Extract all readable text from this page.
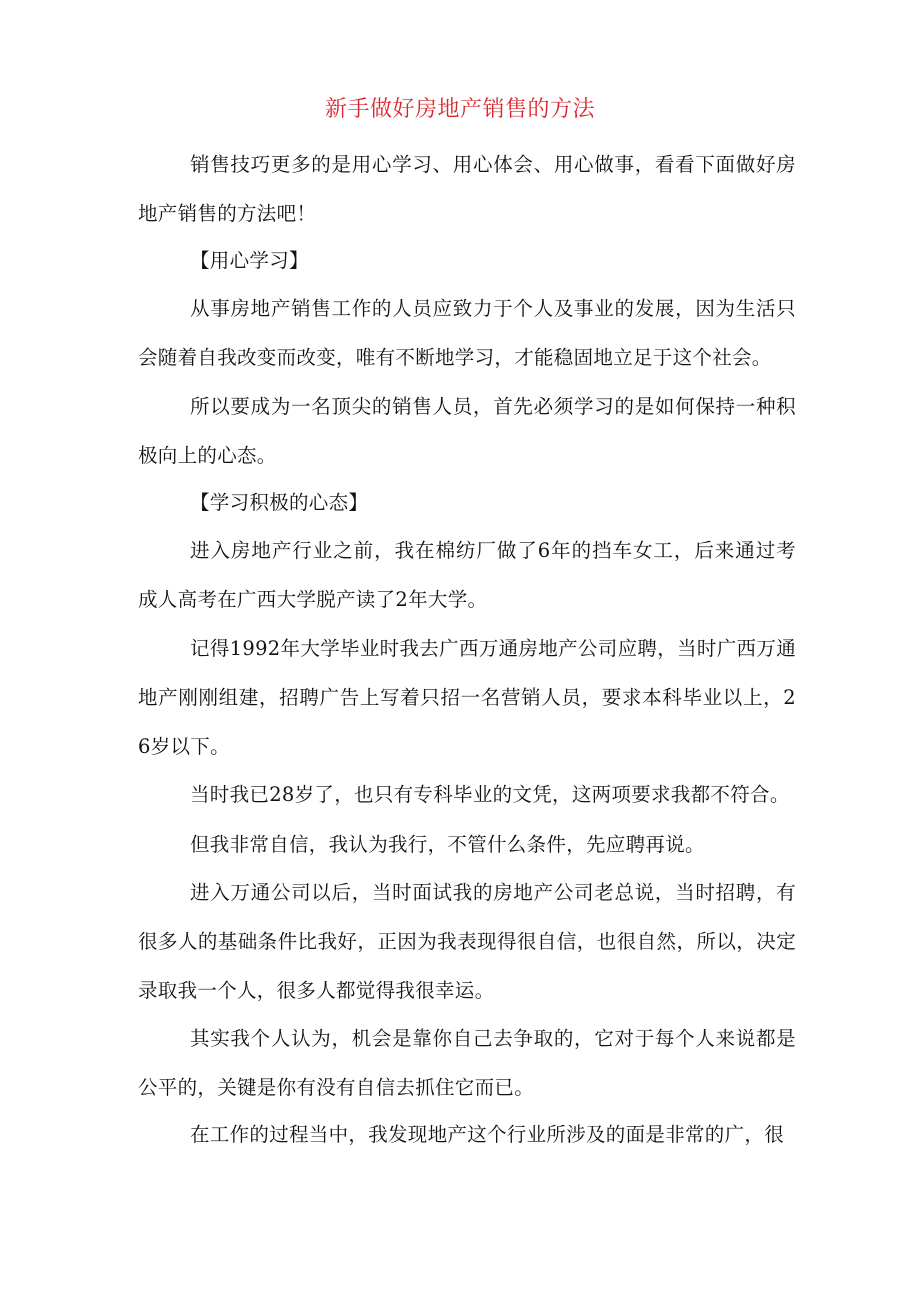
新手做好房地产销售的方法

销售技巧更多的是用心学习、用心体会、用心做事，看看下面做好房地产销售的方法吧！

【用心学习】

从事房地产销售工作的人员应致力于个人及事业的发展，因为生活只会随着自我改变而改变，唯有不断地学习，才能稳固地立足于这个社会。

所以要成为一名顶尖的销售人员，首先必须学习的是如何保持一种积极向上的心态。

【学习积极的心态】

进入房地产行业之前，我在棉纺厂做了6年的挡车女工，后来通过考成人高考在广西大学脱产读了2年大学。

记得1992年大学毕业时我去广西万通房地产公司应聘，当时广西万通地产刚刚组建，招聘广告上写着只招一名营销人员，要求本科毕业以上，26岁以下。

当时我已28岁了，也只有专科毕业的文凭，这两项要求我都不符合。

但我非常自信，我认为我行，不管什么条件，先应聘再说。

进入万通公司以后，当时面试我的房地产公司老总说，当时招聘，有很多人的基础条件比我好，正因为我表现得很自信，也很自然，所以，决定录取我一个人，很多人都觉得我很幸运。

其实我个人认为，机会是靠你自己去争取的，它对于每个人来说都是公平的，关键是你有没有自信去抓住它而已。

在工作的过程当中，我发现地产这个行业所涉及的面是非常的广，很
